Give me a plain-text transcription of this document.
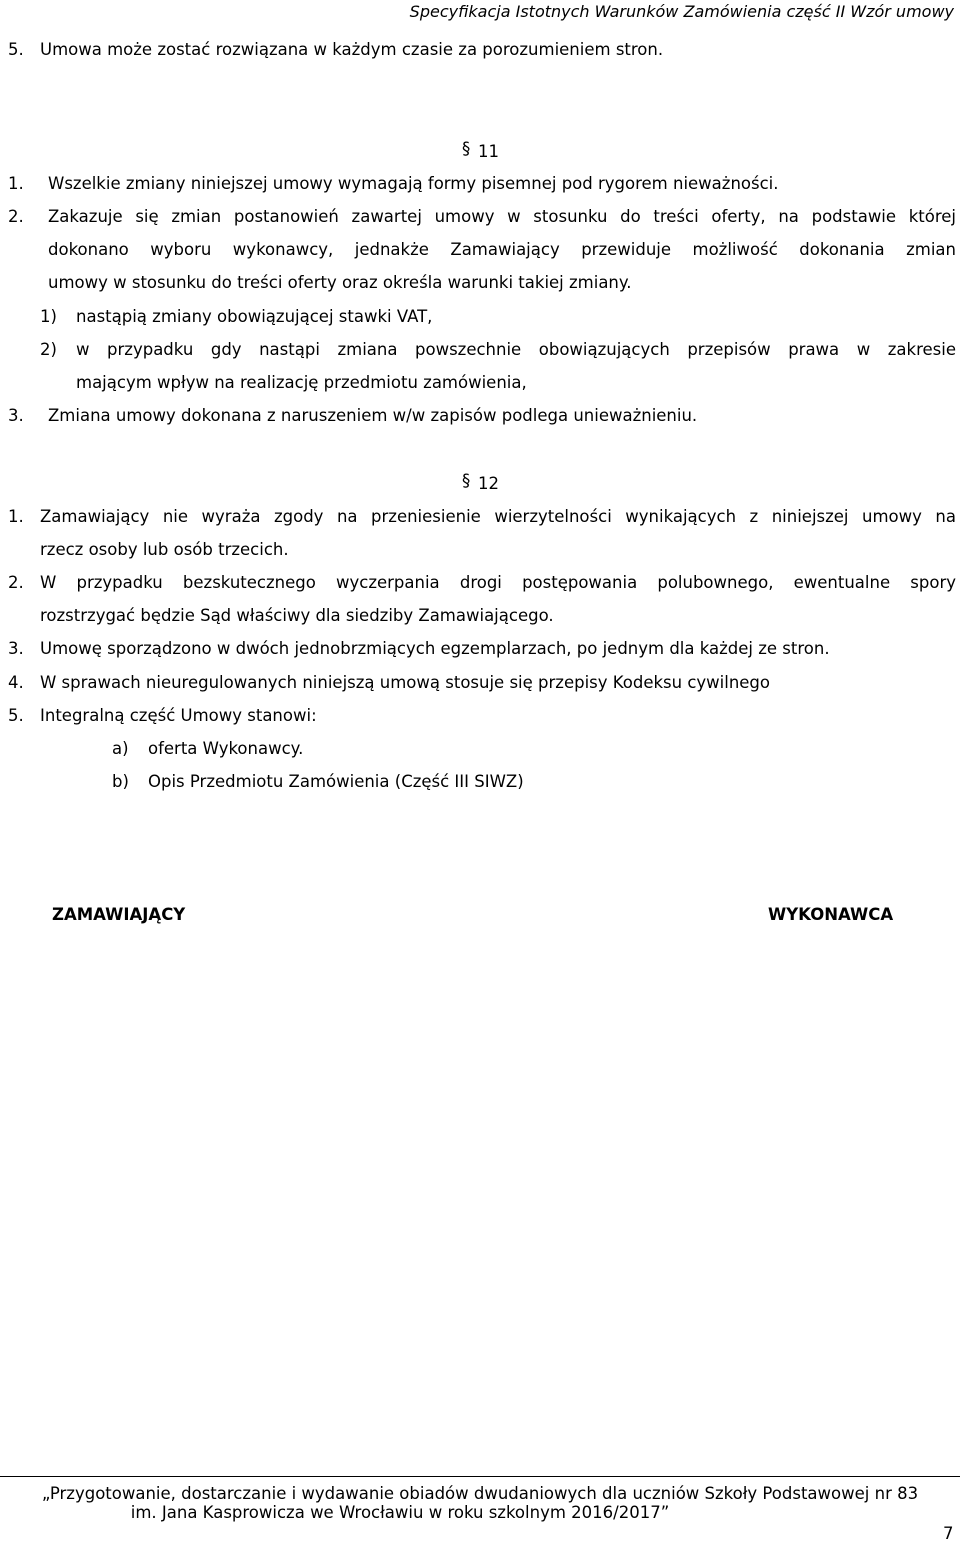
Specyfikacja Istotnych Warunków Zamówienia część II Wzór umowy
5. Umowa może zostać rozwiązana w każdym czasie za porozumieniem stron.
§ 11
1. Wszelkie zmiany niniejszej umowy wymagają formy pisemnej pod rygorem nieważności.
2. Zakazuje się zmian postanowień zawartej umowy w stosunku do treści oferty, na podstawie której
dokonano wyboru wykonawcy, jednakże Zamawiający przewiduje możliwość dokonania zmian
umowy w stosunku do treści oferty oraz określa warunki takiej zmiany.
1) nastąpią zmiany obowiązującej stawki VAT,
2) w przypadku gdy nastąpi zmiana powszechnie obowiązujących przepisów prawa w zakresie
mającym wpływ na realizację przedmiotu zamówienia,
3. Zmiana umowy dokonana z naruszeniem w/w zapisów podlega unieważnieniu.
§ 12
1. Zamawiający nie wyraża zgody na przeniesienie wierzytelności wynikających z niniejszej umowy na
rzecz osoby lub osób trzecich.
2. W przypadku bezskutecznego wyczerpania drogi postępowania polubownego, ewentualne spory
rozstrzygać będzie Sąd właściwy dla siedziby Zamawiającego.
3. Umowę sporządzono w dwóch jednobrzmiących egzemplarzach, po jednym dla każdej ze stron.
4. W sprawach nieuregulowanych niniejszą umową stosuje się przepisy Kodeksu cywilnego
5. Integralną część Umowy stanowi:
a) oferta Wykonawcy.
b) Opis Przedmiotu Zamówienia (Część III SIWZ)
ZAMAWIAJĄCY	WYKONAWCA
„Przygotowanie, dostarczanie i wydawanie obiadów dwudaniowych dla uczniów Szkoły Podstawowej nr 83
im. Jana Kasprowicza we Wrocławiu w roku szkolnym 2016/2017”
7
